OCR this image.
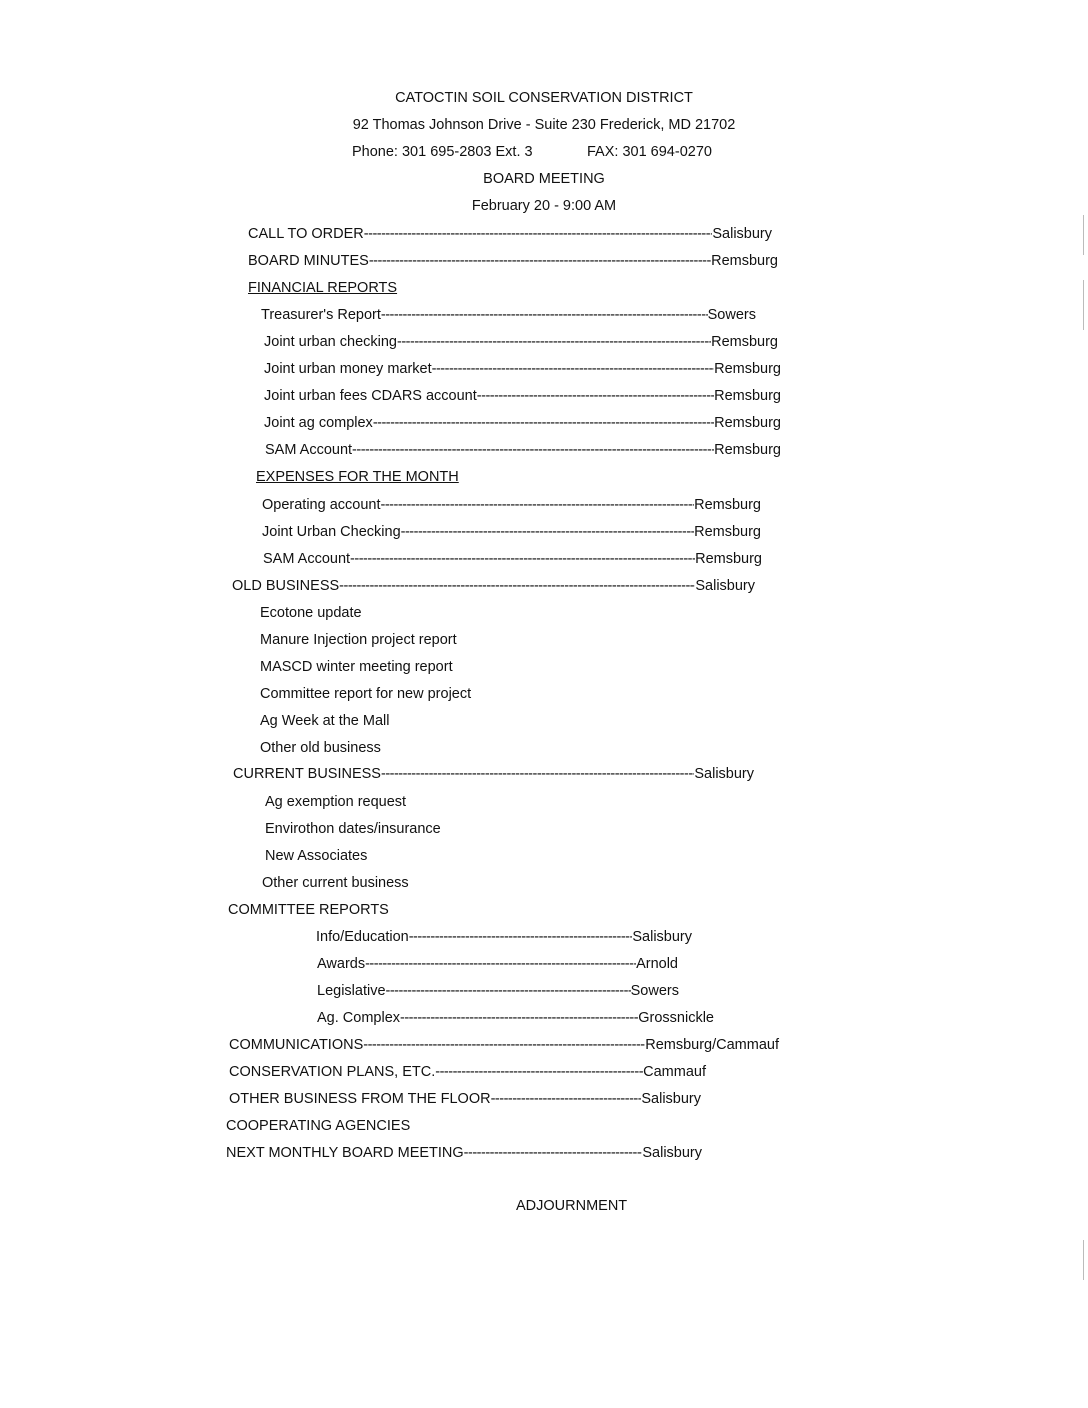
CATOCTIN SOIL CONSERVATION DISTRICT
92 Thomas Johnson Drive - Suite 230 Frederick, MD 21702
Phone: 301 695-2803 Ext. 3	FAX: 301 694-0270
BOARD MEETING
February 20 - 9:00 AM
CALL TO ORDER -----	Salisbury
BOARD MINUTES -----	Remsburg
FINANCIAL REPORTS
Treasurer's Report -----	Sowers
Joint urban checking -----	Remsburg
Joint urban money market -----	Remsburg
Joint urban fees CDARS account -----	Remsburg
Joint ag complex -----	Remsburg
SAM Account -----	Remsburg
EXPENSES FOR THE MONTH
Operating account -----	Remsburg
Joint Urban Checking -----	Remsburg
SAM Account -----	Remsburg
OLD BUSINESS -----	Salisbury
Ecotone update
Manure Injection project report
MASCD winter meeting report
Committee report for new project
Ag Week at the Mall
Other old business
CURRENT BUSINESS -----	Salisbury
Ag exemption request
Envirothon dates/insurance
New Associates
Other current business
COMMITTEE REPORTS
Info/Education -----	Salisbury
Awards -----	Arnold
Legislative -----	Sowers
Ag. Complex -----	Grossnickle
COMMUNICATIONS -----	Remsburg/Cammauf
CONSERVATION PLANS, ETC. -----	Cammauf
OTHER BUSINESS FROM THE FLOOR -----	Salisbury
COOPERATING AGENCIES
NEXT MONTHLY BOARD MEETING -----	Salisbury
ADJOURNMENT
